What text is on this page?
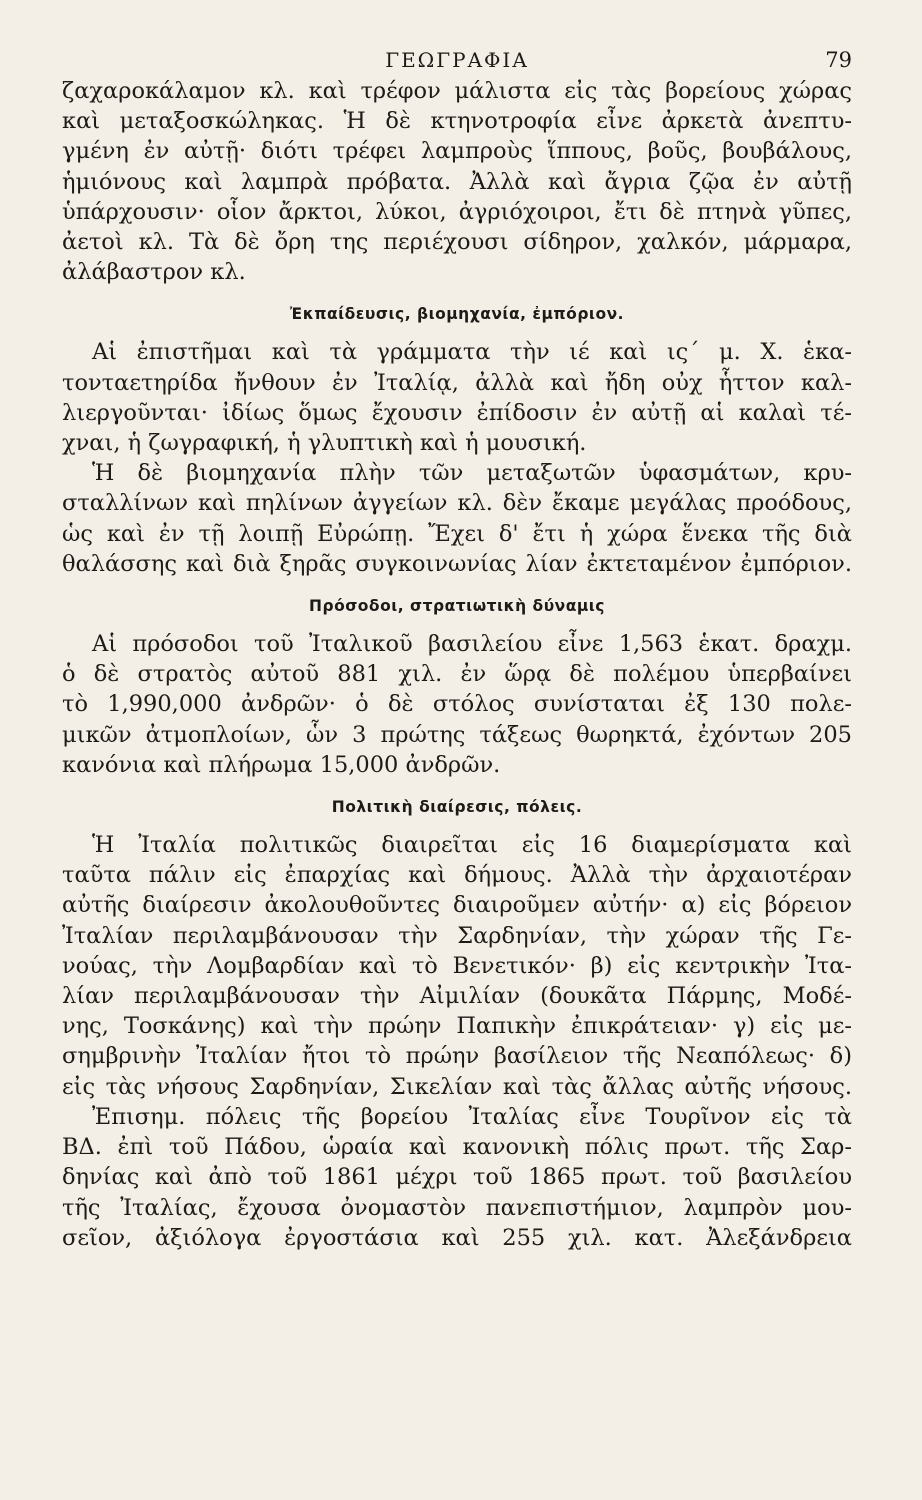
ΓΕΩΓΡΑΦΙΑ	79

ζαχαροκάλαμον κλ. καὶ τρέφον μάλιστα εἰς τὰς βορείους χώρας
καὶ μεταξοσκώληκας. Ἡ δὲ κτηνοτροφία εἶνε ἀρκετὰ ἀνεπτυ-
γμένη ἐν αὐτῇ· διότι τρέφει λαμπροὺς ἵππους, βοῦς, βουβάλους,
ἡμιόνους καὶ λαμπρὰ πρόβατα. Ἀλλὰ καὶ ἄγρια ζῷα ἐν αὐτῇ
ὑπάρχουσιν· οἷον ἄρκτοι, λύκοι, ἀγριόχοιροι, ἔτι δὲ πτηνὰ γῦπες,
ἀετοὶ κλ. Τὰ δὲ ὄρη της περιέχουσι σίδηρον, χαλκόν, μάρμαρα,
ἀλάβαστρον κλ.

Ἐκπαίδευσις, βιομηχανία, ἐμπόριον.

Αἱ ἐπιστῆμαι καὶ τὰ γράμματα τὴν ιέ καὶ ις΄ μ. Χ. ἑκα-
τονταετηρίδα ἤνθουν ἐν Ἰταλίᾳ, ἀλλὰ καὶ ἤδη οὐχ ἧττον καλ-
λιεργοῦνται· ἰδίως ὅμως ἔχουσιν ἐπίδοσιν ἐν αὐτῇ αἱ καλαὶ τέ-
χναι, ἡ ζωγραφική, ἡ γλυπτικὴ καὶ ἡ μουσική.

Ἡ δὲ βιομηχανία πλὴν τῶν μεταξωτῶν ὑφασμάτων, κρυ-
σταλλίνων καὶ πηλίνων ἀγγείων κλ. δὲν ἔκαμε μεγάλας προόδους,
ὡς καὶ ἐν τῇ λοιπῇ Εὐρώπῃ. Ἔχει δ' ἔτι ἡ χώρα ἕνεκα τῆς διὰ
θαλάσσης καὶ διὰ ξηρᾶς συγκοινωνίας λίαν ἐκτεταμένον ἐμπόριον.

Πρόσοδοι, στρατιωτικὴ δύναμις

Αἱ πρόσοδοι τοῦ Ἰταλικοῦ βασιλείου εἶνε 1,563 ἑκατ. δραχμ.
ὁ δὲ στρατὸς αὐτοῦ 881 χιλ. ἐν ὥρᾳ δὲ πολέμου ὑπερβαίνει
τὸ 1,990,000 ἀνδρῶν· ὁ δὲ στόλος συνίσταται ἐξ 130 πολε-
μικῶν ἀτμοπλοίων, ὧν 3 πρώτης τάξεως θωρηκτά, ἐχόντων 205
κανόνια καὶ πλήρωμα 15,000 ἀνδρῶν.

Πολιτικὴ διαίρεσις, πόλεις.

Ἡ Ἰταλία πολιτικῶς διαιρεῖται εἰς 16 διαμερίσματα καὶ
ταῦτα πάλιν εἰς ἐπαρχίας καὶ δήμους. Ἀλλὰ τὴν ἀρχαιοτέραν
αὐτῆς διαίρεσιν ἀκολουθοῦντες διαιροῦμεν αὐτήν· α) εἰς βόρειον
Ἰταλίαν περιλαμβάνουσαν τὴν Σαρδηνίαν, τὴν χώραν τῆς Γε-
νούας, τὴν Λομβαρδίαν καὶ τὸ Βενετικόν· β) εἰς κεντρικὴν Ἰτα-
λίαν περιλαμβάνουσαν τὴν Αἰμιλίαν (δουκᾶτα Πάρμης, Μοδέ-
νης, Τοσκάνης) καὶ τὴν πρώην Παπικὴν ἐπικράτειαν· γ) εἰς με-
σημβρινὴν Ἰταλίαν ἤτοι τὸ πρώην βασίλειον τῆς Νεαπόλεως· δ)
εἰς τὰς νήσους Σαρδηνίαν, Σικελίαν καὶ τὰς ἄλλας αὐτῆς νήσους.

Ἐπισημ. πόλεις τῆς βορείου Ἰταλίας εἶνε Τουρῖνον εἰς τὰ
ΒΔ. ἐπὶ τοῦ Πάδου, ὡραία καὶ κανονικὴ πόλις πρωτ. τῆς Σαρ-
δηνίας καὶ ἀπὸ τοῦ 1861 μέχρι τοῦ 1865 πρωτ. τοῦ βασιλείου
τῆς Ἰταλίας, ἔχουσα ὀνομαστὸν πανεπιστήμιον, λαμπρὸν μου-
σεῖον, ἀξιόλογα ἐργοστάσια καὶ 255 χιλ. κατ. Ἀλεξάνδρεια
